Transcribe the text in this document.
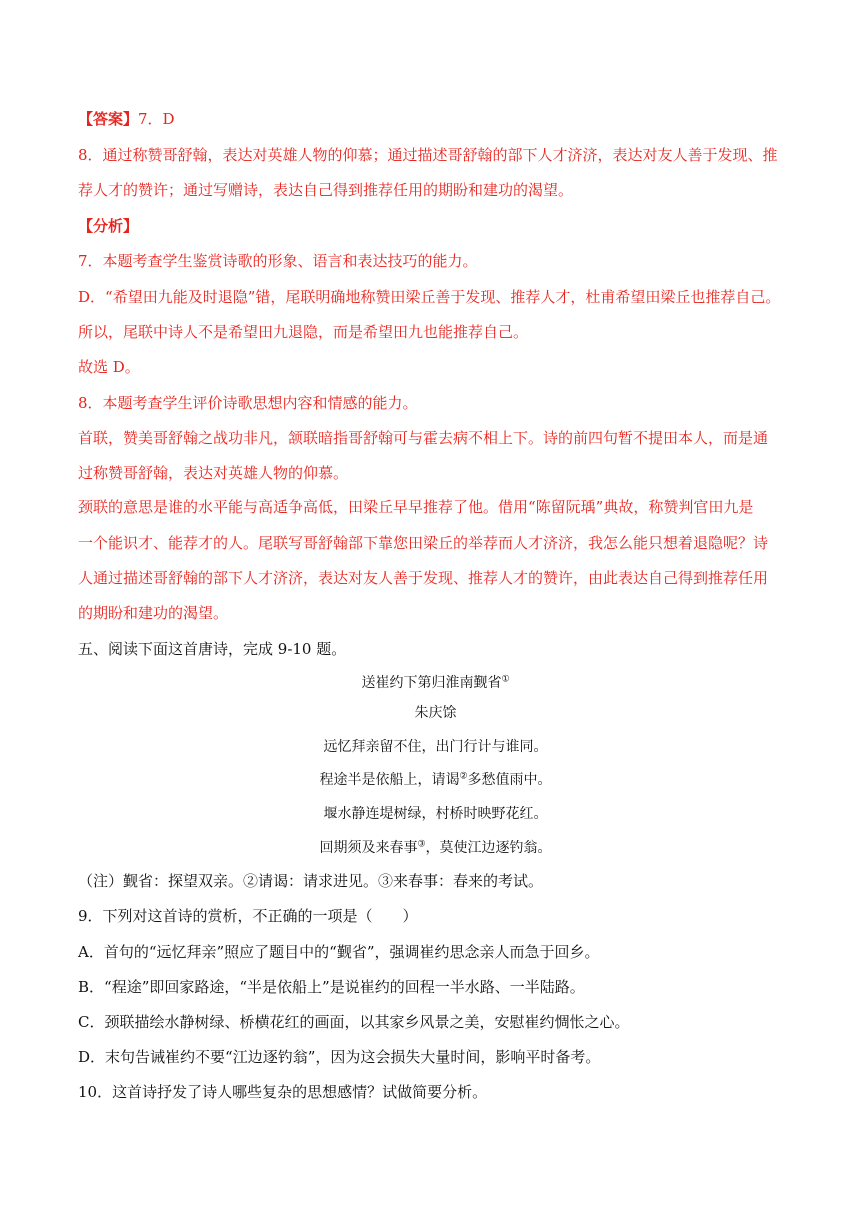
【答案】7．D
8．通过称赞哥舒翰，表达对英雄人物的仰慕；通过描述哥舒翰的部下人才济济，表达对友人善于发现、推
荐人才的赞许；通过写赠诗，表达自己得到推荐任用的期盼和建功的渴望。
【分析】
7．本题考查学生鉴赏诗歌的形象、语言和表达技巧的能力。
D．“希望田九能及时退隐”错，尾联明确地称赞田梁丘善于发现、推荐人才，杜甫希望田梁丘也推荐自己。
所以，尾联中诗人不是希望田九退隐，而是希望田九也能推荐自己。
故选 D。
8．本题考查学生评价诗歌思想内容和情感的能力。
首联，赞美哥舒翰之战功非凡，颔联暗指哥舒翰可与霍去病不相上下。诗的前四句暂不提田本人，而是通
过称赞哥舒翰，表达对英雄人物的仰慕。
颈联的意思是谁的水平能与高适争高低，田梁丘早早推荐了他。借用“陈留阮瑀”典故，称赞判官田九是
一个能识才、能荐才的人。尾联写哥舒翰部下靠您田梁丘的举荐而人才济济，我怎么能只想着退隐呢？诗
人通过描述哥舒翰的部下人才济济，表达对友人善于发现、推荐人才的赞许，由此表达自己得到推荐任用
的期盼和建功的渴望。
五、阅读下面这首唐诗，完成 9-10 题。
送崔约下第归淮南觐省①
朱庆馀
远忆拜亲留不住，出门行计与谁同。
程途半是依船上，请谒②多愁值雨中。
堰水静连堤树绿，村桥时映野花红。
回期须及来春事③，莫使江边逐钓翁。
（注）觐省：探望双亲。②请谒：请求进见。③来春事：春来的考试。
9．下列对这首诗的赏析，不正确的一项是（　　）
A．首句的“远忆拜亲”照应了题目中的“觐省”，强调崔约思念亲人而急于回乡。
B．“程途”即回家路途，“半是依船上”是说崔约的回程一半水路、一半陆路。
C．颈联描绘水静树绿、桥横花红的画面，以其家乡风景之美，安慰崔约惆怅之心。
D．末句告诫崔约不要“江边逐钓翁”，因为这会损失大量时间，影响平时备考。
10．这首诗抒发了诗人哪些复杂的思想感情？试做简要分析。
